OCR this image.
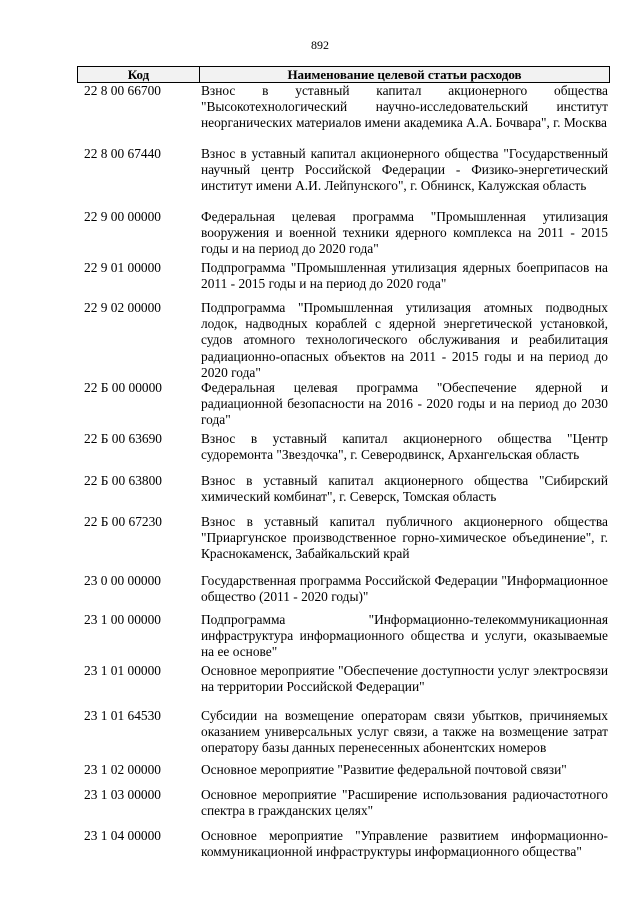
892
Код	Наименование целевой статьи расходов
22 8 00 66700	Взнос в уставный капитал акционерного общества "Высокотехнологический научно-исследовательский институт неорганических материалов имени академика А.А. Бочвара", г. Москва
22 8 00 67440	Взнос в уставный капитал акционерного общества "Государственный научный центр Российской Федерации - Физико-энергетический институт имени А.И. Лейпунского", г. Обнинск, Калужская область
22 9 00 00000	Федеральная целевая программа "Промышленная утилизация вооружения и военной техники ядерного комплекса на 2011 - 2015 годы и на период до 2020 года"
22 9 01 00000	Подпрограмма "Промышленная утилизация ядерных боеприпасов на 2011 - 2015 годы и на период до 2020 года"
22 9 02 00000	Подпрограмма "Промышленная утилизация атомных подводных лодок, надводных кораблей с ядерной энергетической установкой, судов атомного технологического обслуживания и реабилитация радиационно-опасных объектов на 2011 - 2015 годы и на период до 2020 года"
22 Б 00 00000	Федеральная целевая программа "Обеспечение ядерной и радиационной безопасности на 2016 - 2020 годы и на период до 2030 года"
22 Б 00 63690	Взнос в уставный капитал акционерного общества "Центр судоремонта "Звездочка", г. Северодвинск, Архангельская область
22 Б 00 63800	Взнос в уставный капитал акционерного общества "Сибирский химический комбинат", г. Северск, Томская область
22 Б 00 67230	Взнос в уставный капитал публичного акционерного общества "Приаргунское производственное горно-химическое объединение", г. Краснокаменск, Забайкальский край
23 0 00 00000	Государственная программа Российской Федерации "Информационное общество (2011 - 2020 годы)"
23 1 00 00000	Подпрограмма "Информационно-телекоммуникационная инфраструктура информационного общества и услуги, оказываемые на ее основе"
23 1 01 00000	Основное мероприятие "Обеспечение доступности услуг электросвязи на территории Российской Федерации"
23 1 01 64530	Субсидии на возмещение операторам связи убытков, причиняемых оказанием универсальных услуг связи, а также на возмещение затрат оператору базы данных перенесенных абонентских номеров
23 1 02 00000	Основное мероприятие "Развитие федеральной почтовой связи"
23 1 03 00000	Основное мероприятие "Расширение использования радиочастотного спектра в гражданских целях"
23 1 04 00000	Основное мероприятие "Управление развитием информационно-коммуникационной инфраструктуры информационного общества"
